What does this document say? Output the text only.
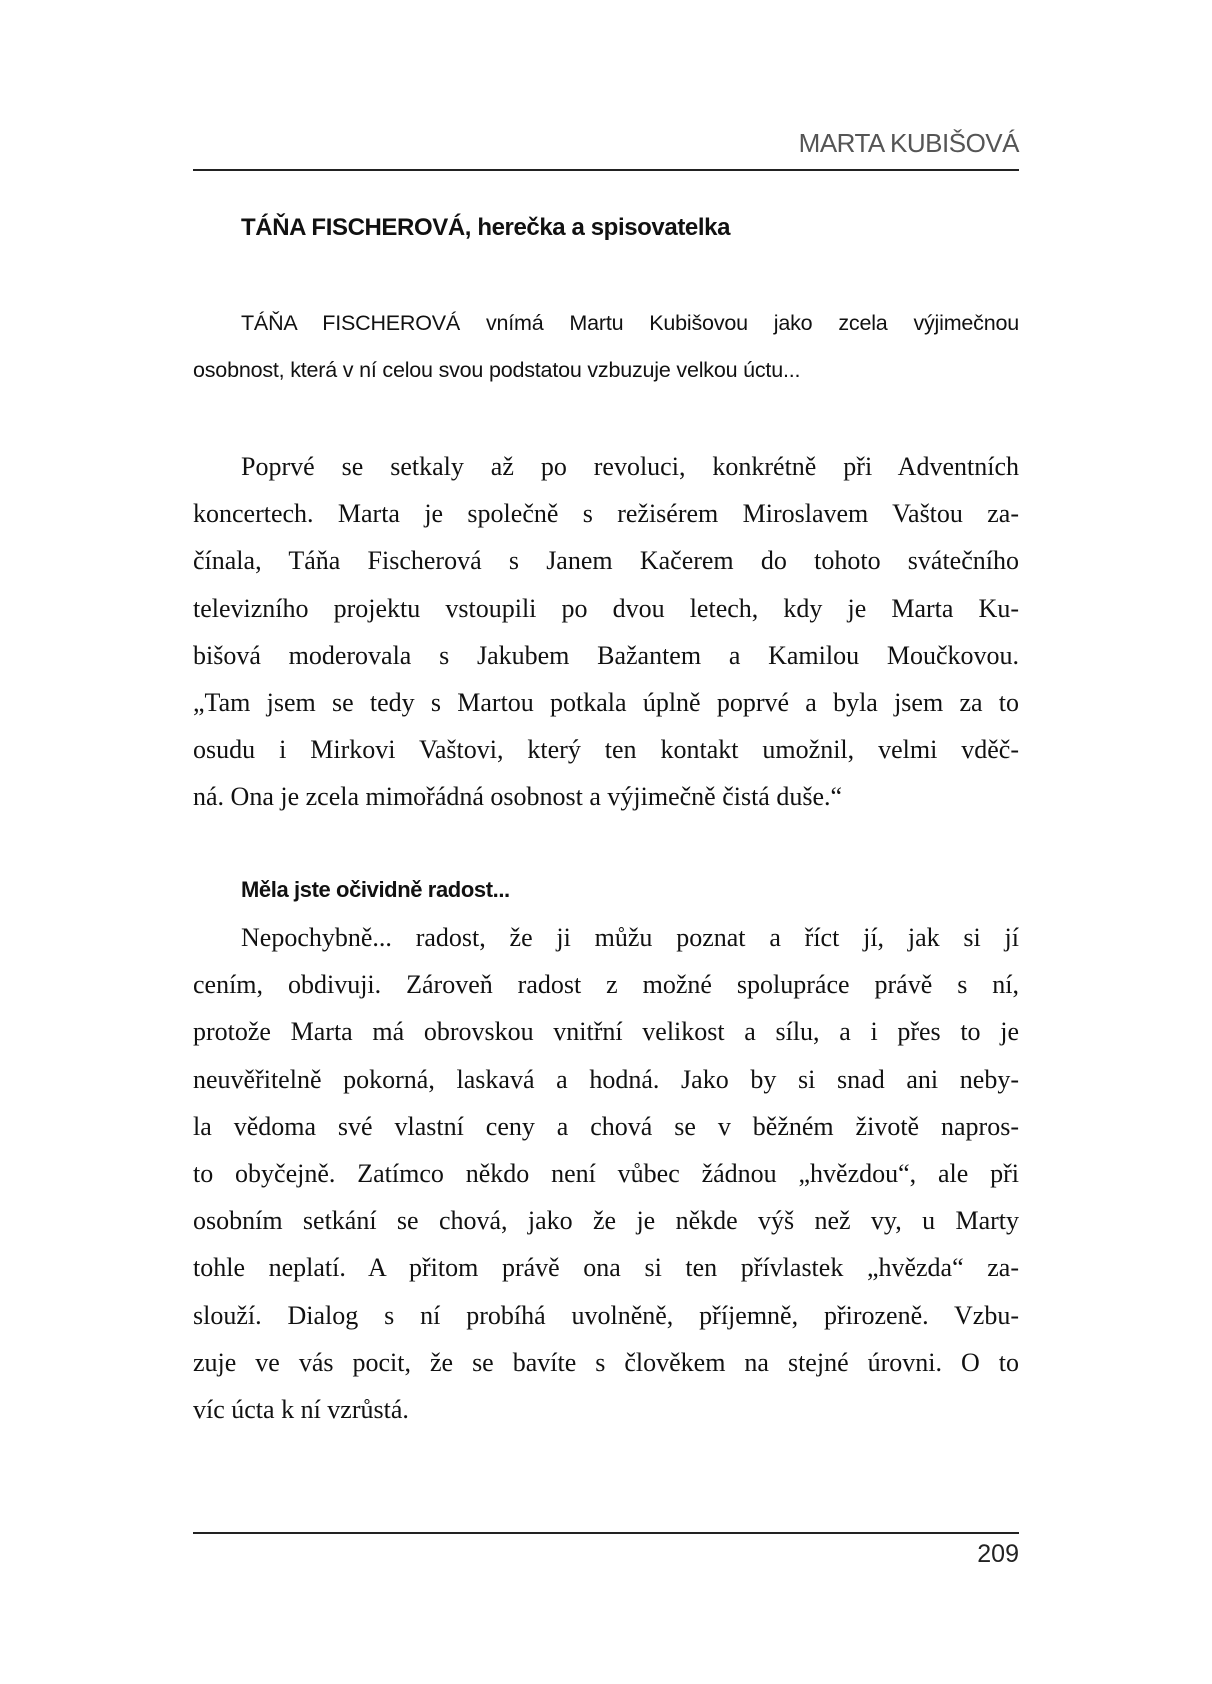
MARTA KUBIŠOVÁ
TÁŇA FISCHEROVÁ, herečka a spisovatelka
TÁŇA FISCHEROVÁ vnímá Martu Kubišovou jako zcela výjimečnou
osobnost, která v ní celou svou podstatou vzbuzuje velkou úctu...
Poprvé se setkaly až po revoluci, konkrétně při Adventních
koncertech. Marta je společně s režisérem Miroslavem Vaštou za-
čínala, Táňa Fischerová s Janem Kačerem do tohoto svátečního
televizního projektu vstoupili po dvou letech, kdy je Marta Ku-
bišová moderovala s Jakubem Bažantem a Kamilou Moučkovou.
„Tam jsem se tedy s Martou potkala úplně poprvé a byla jsem za to
osudu i Mirkovi Vaštovi, který ten kontakt umožnil, velmi vděč-
ná. Ona je zcela mimořádná osobnost a výjimečně čistá duše.“
Měla jste očividně radost...
Nepochybně... radost, že ji můžu poznat a říct jí, jak si jí
cením, obdivuji. Zároveň radost z možné spolupráce právě s ní,
protože Marta má obrovskou vnitřní velikost a sílu, a i přes to je
neuvěřitelně pokorná, laskavá a hodná. Jako by si snad ani neby-
la vědoma své vlastní ceny a chová se v běžném životě napros-
to obyčejně. Zatímco někdo není vůbec žádnou „hvězdou“, ale při
osobním setkání se chová, jako že je někde výš než vy, u Marty
tohle neplatí. A přitom právě ona si ten přívlastek „hvězda“ za-
slouží. Dialog s ní probíhá uvolněně, příjemně, přirozeně. Vzbu-
zuje ve vás pocit, že se bavíte s člověkem na stejné úrovni. O to
víc úcta k ní vzrůstá.
209
